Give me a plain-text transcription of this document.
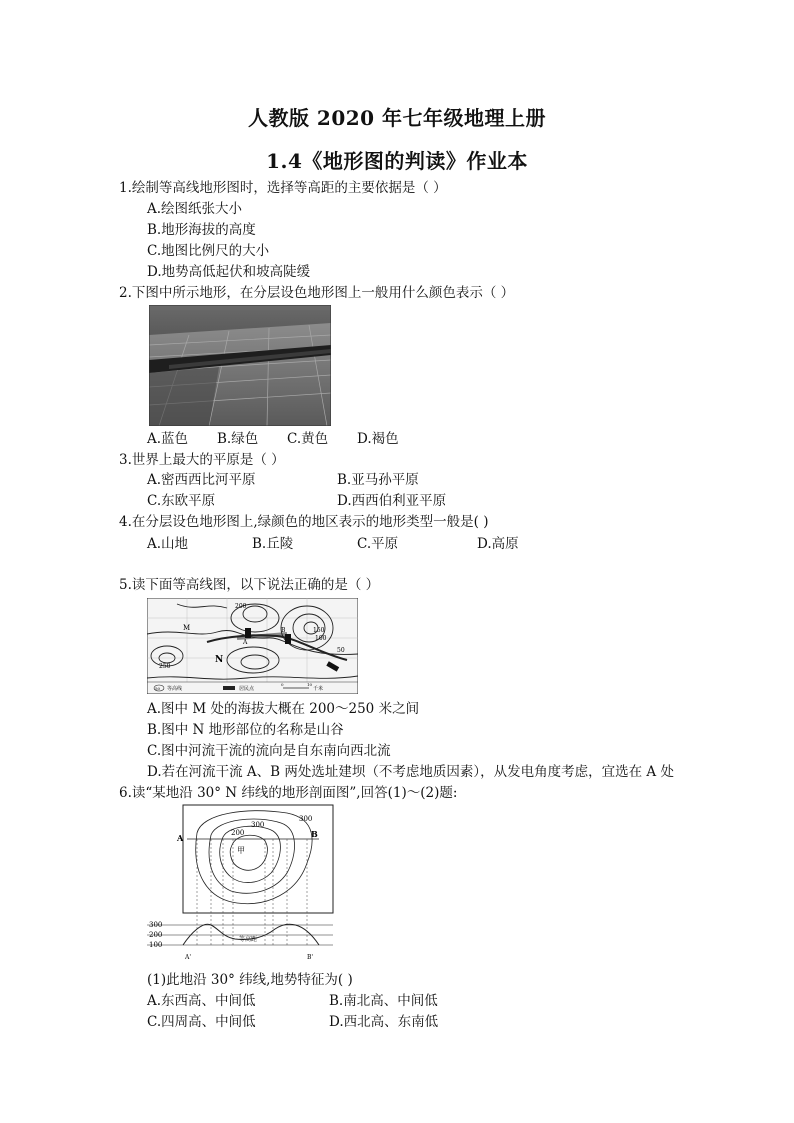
人教版 2020 年七年级地理上册
1.4《地形图的判读》作业本
1.绘制等高线地形图时，选择等高距的主要依据是（ ）
A.绘图纸张大小
B.地形海拔的高度
C.地图比例尺的大小
D.地势高低起伏和坡高陡缓
2.下图中所示地形，在分层设色地形图上一般用什么颜色表示（ ）
A.蓝色 B.绿色 C.黄色 D.褐色
3.世界上最大的平原是（ ）
A.密西西比河平原	B.亚马孙平原
C.东欧平原	D.西西伯利亚平原
4.在分层设色地形图上,绿颜色的地区表示的地形类型一般是( )
A.山地	B.丘陵	C.平原	D.高原
5.读下面等高线图，以下说法正确的是（ ）
M
N
A
B
200
250
150
100
50
50 等高线	居民点
0	10
千米
A.图中 M 处的海拔大概在 200～250 米之间
B.图中 N 地形部位的名称是山谷
C.图中河流干流的流向是自东南向西北流
D.若在河流干流 A、B 两处选址建坝（不考虑地质因素），从发电角度考虑，宜选在 A 处
6.读“某地沿 30° N 纬线的地形剖面图”,回答(1)～(2)题:
A	B
200
300
300
甲
300
200
100
A'	B'
等高距
(1)此地沿 30° 纬线,地势特征为( )
A.东西高、中间低	B.南北高、中间低
C.四周高、中间低	D.西北高、东南低
